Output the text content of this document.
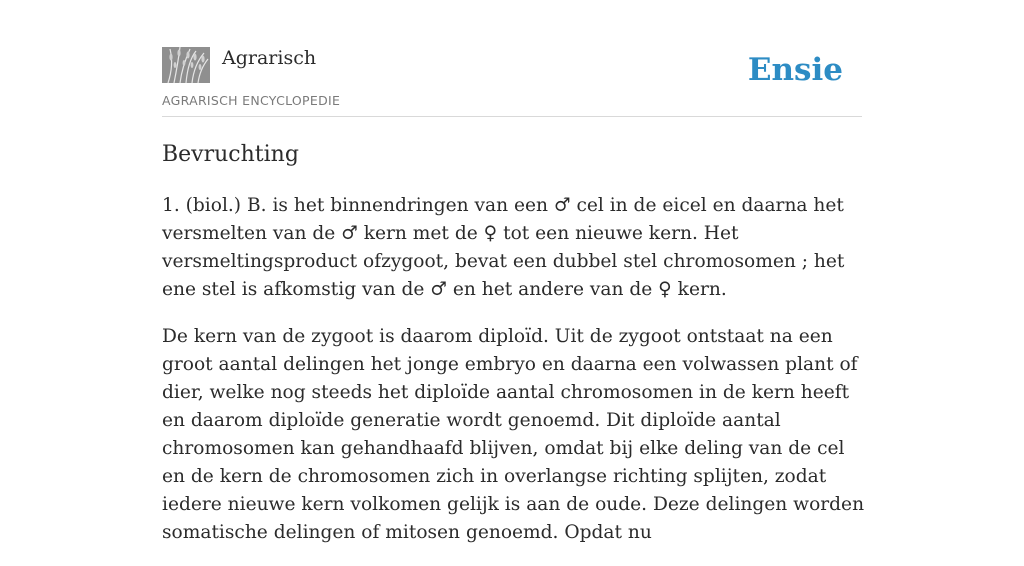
Agrarisch
AGRARISCH ENCYCLOPEDIE
Ensie
Bevruchting

1. (biol.) B. is het binnendringen van een ♂ cel in de eicel en daarna het versmelten van de ♂ kern met de ♀ tot een nieuwe kern. Het versmeltingsproduct ofzygoot, bevat een dubbel stel chromosomen ; het ene stel is afkomstig van de ♂ en het andere van de ♀ kern.

De kern van de zygoot is daarom diploïd. Uit de zygoot ontstaat na een groot aantal delingen het jonge embryo en daarna een volwassen plant of dier, welke nog steeds het diploïde aantal chromosomen in de kern heeft en daarom diploïde generatie wordt genoemd. Dit diploïde aantal chromosomen kan gehandhaafd blijven, omdat bij elke deling van de cel en de kern de chromosomen zich in overlangse richting splijten, zodat iedere nieuwe kern volkomen gelijk is aan de oude. Deze delingen worden somatische delingen of mitosen genoemd. Opdat nu
